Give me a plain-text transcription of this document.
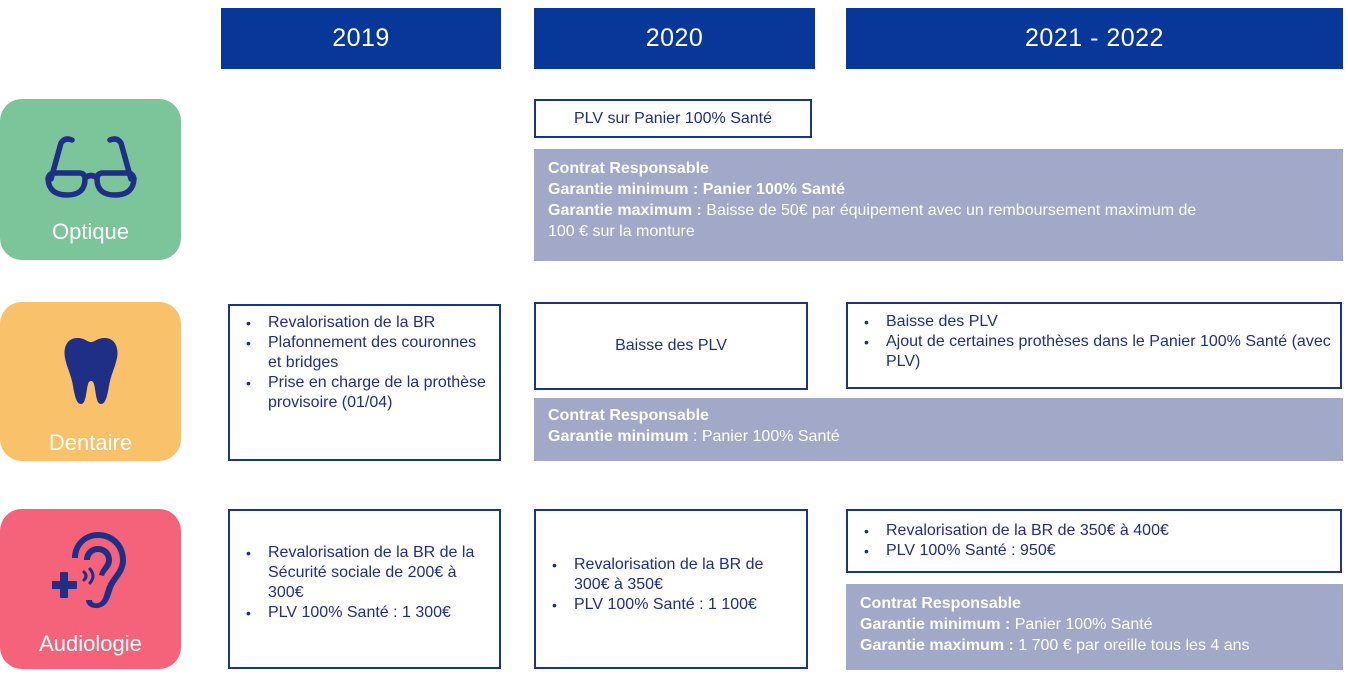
2019	2020	2021 - 2022
Optique
PLV sur Panier 100% Santé
Contrat Responsable
Garantie minimum : Panier 100% Santé
Garantie maximum : Baisse de 50€ par équipement avec un remboursement maximum de
100 € sur la monture
Dentaire
• Revalorisation de la BR
• Plafonnement des couronnes et bridges
• Prise en charge de la prothèse provisoire (01/04)
Baisse des PLV
• Baisse des PLV
• Ajout de certaines prothèses dans le Panier 100% Santé (avec PLV)
Contrat Responsable
Garantie minimum : Panier 100% Santé
Audiologie
• Revalorisation de la BR de la Sécurité sociale de 200€ à 300€
• PLV 100% Santé : 1 300€
• Revalorisation de la BR de 300€ à 350€
• PLV 100% Santé : 1 100€
• Revalorisation de la BR de 350€ à 400€
• PLV 100% Santé : 950€
Contrat Responsable
Garantie minimum : Panier 100% Santé
Garantie maximum : 1 700 € par oreille tous les 4 ans
